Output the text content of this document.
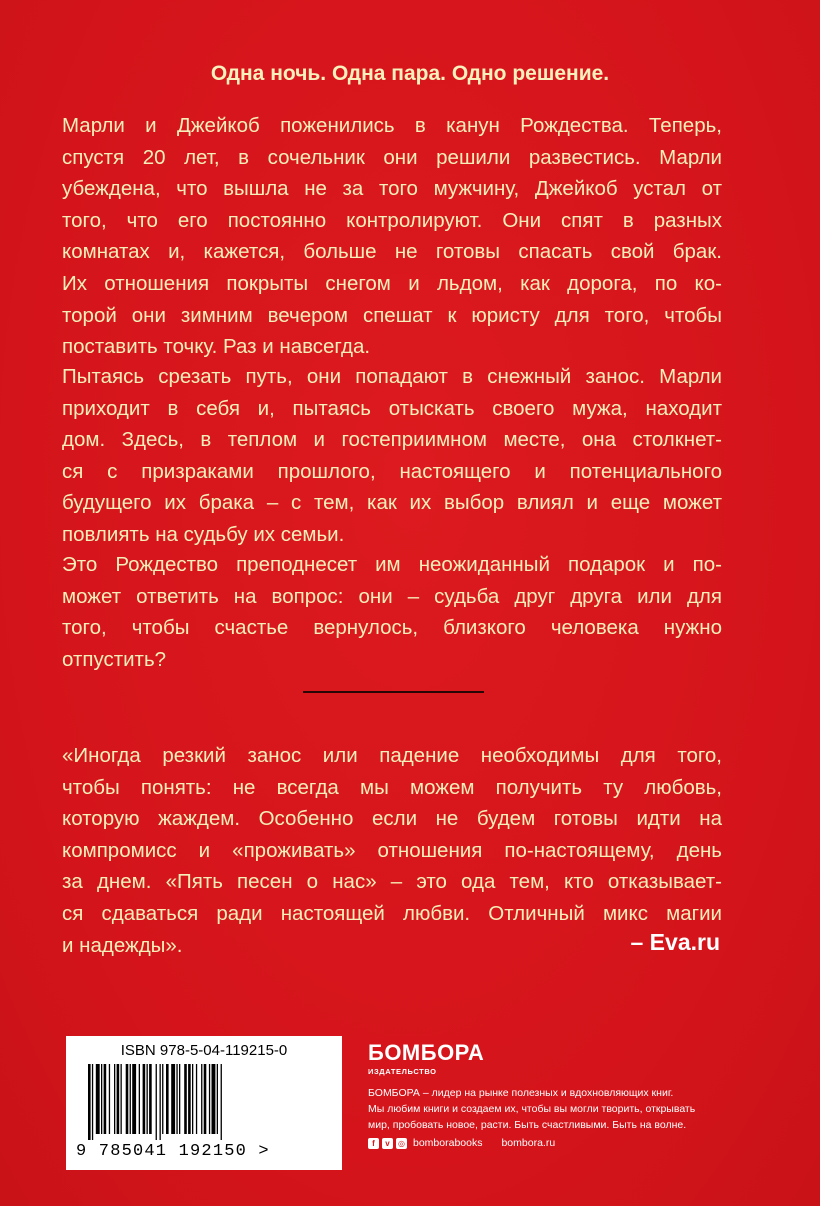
Одна ночь. Одна пара. Одно решение.
Марли и Джейкоб поженились в канун Рождества. Теперь,
спустя 20 лет, в сочельник они решили развестись. Марли
убеждена, что вышла не за того мужчину, Джейкоб устал от
того, что его постоянно контролируют. Они спят в разных
комнатах и, кажется, больше не готовы спасать свой брак.
Их отношения покрыты снегом и льдом, как дорога, по ко-
торой они зимним вечером спешат к юристу для того, чтобы
поставить точку. Раз и навсегда.
Пытаясь срезать путь, они попадают в снежный занос. Марли
приходит в себя и, пытаясь отыскать своего мужа, находит
дом. Здесь, в теплом и гостеприимном месте, она столкнет-
ся с призраками прошлого, настоящего и потенциального
будущего их брака – с тем, как их выбор влиял и еще может
повлиять на судьбу их семьи.
Это Рождество преподнесет им неожиданный подарок и по-
может ответить на вопрос: они – судьба друг друга или для
того, чтобы счастье вернулось, близкого человека нужно
отпустить?
«Иногда резкий занос или падение необходимы для того,
чтобы понять: не всегда мы можем получить ту любовь,
которую жаждем. Особенно если не будем готовы идти на
компромисс и «проживать» отношения по-настоящему, день
за днем. «Пять песен о нас» – это ода тем, кто отказывает-
ся сдаваться ради настоящей любви. Отличный микс магии
и надежды».	– Eva.ru
ISBN 978-5-04-119215-0
9 785041 192150 >
БОМБОРА
ИЗДАТЕЛЬСТВО
БОМБОРА – лидер на рынке полезных и вдохновляющих книг.
Мы любим книги и создаем их, чтобы вы могли творить, открывать
мир, пробовать новое, расти. Быть счастливыми. Быть на волне.
f	v	◎ bomborabooks bombora.ru
